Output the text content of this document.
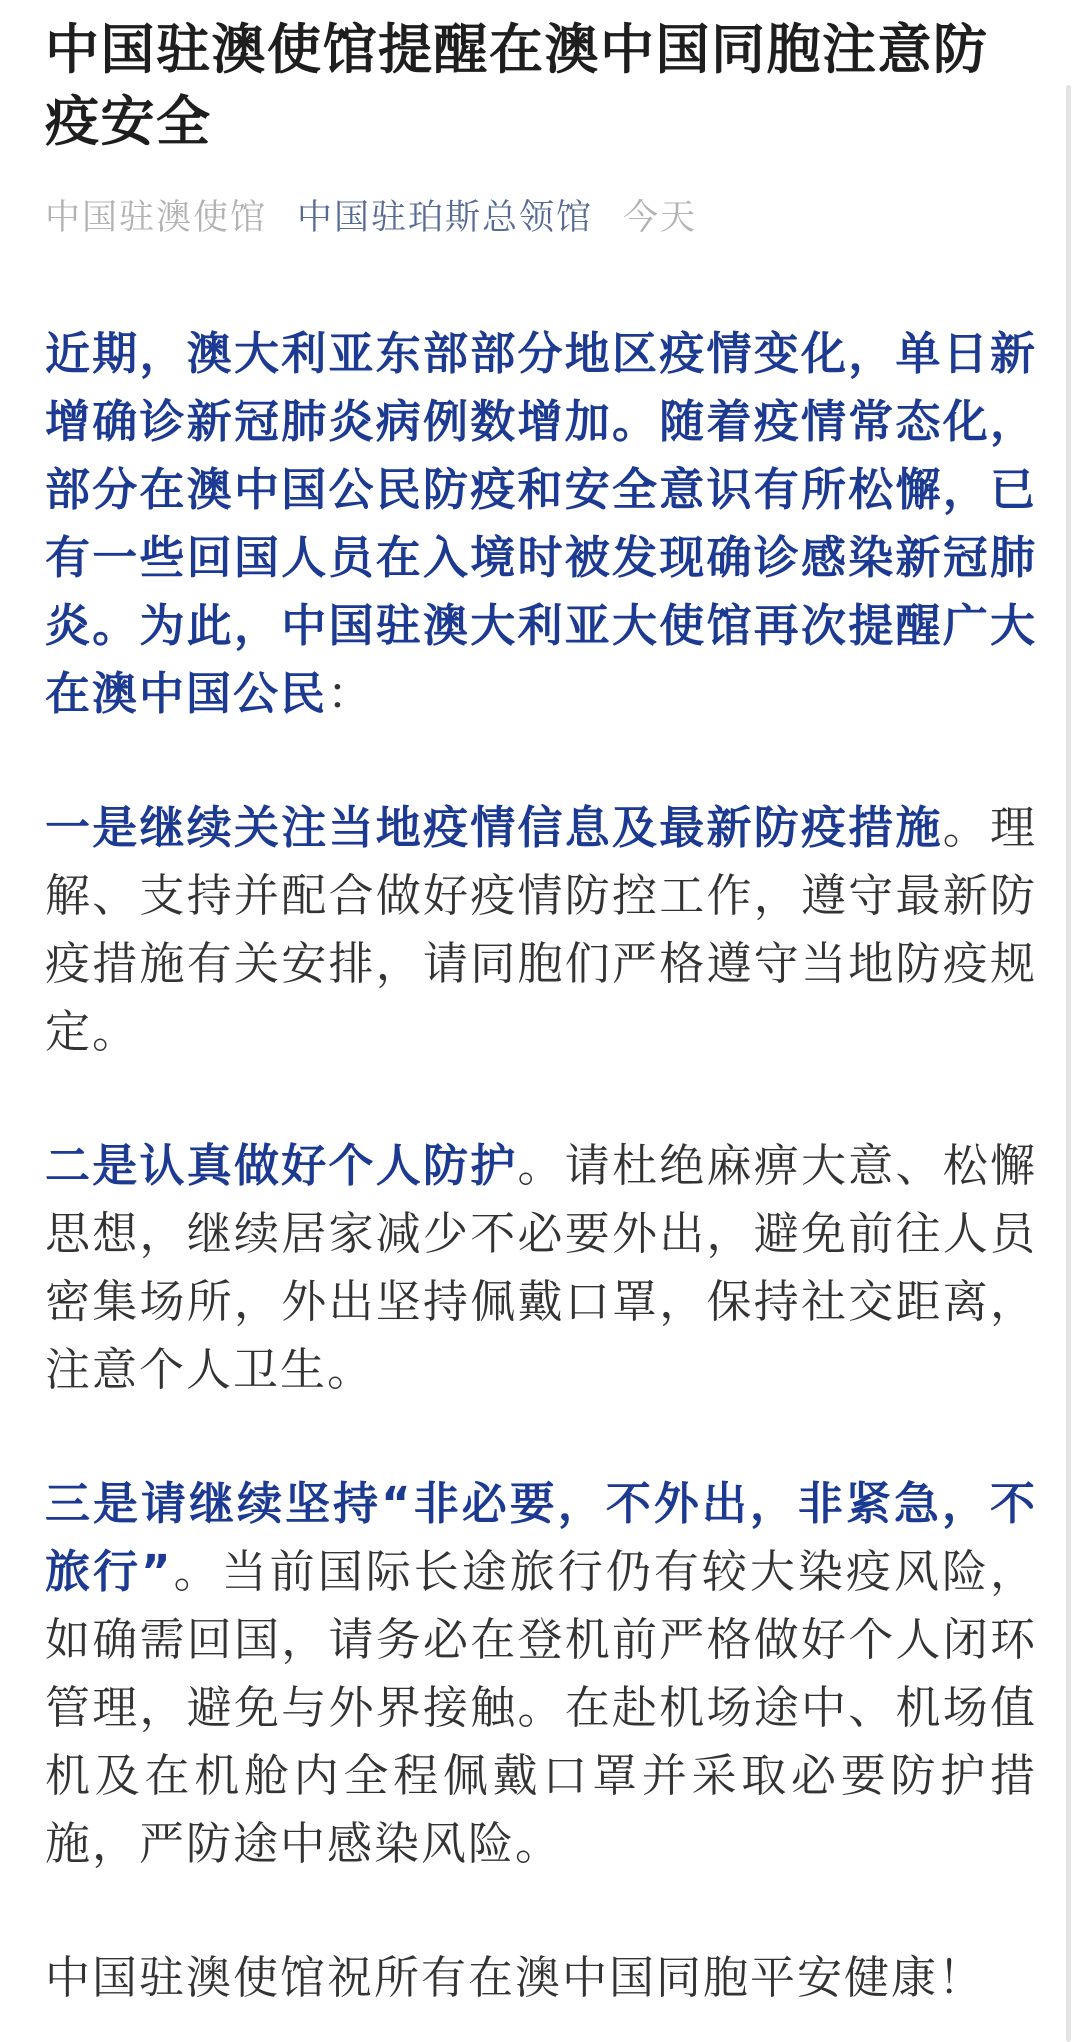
中国驻澳使馆提醒在澳中国同胞注意防疫安全
中国驻澳使馆 中国驻珀斯总领馆 今天

近期，澳大利亚东部部分地区疫情变化，单日新增确诊新冠肺炎病例数增加。随着疫情常态化，部分在澳中国公民防疫和安全意识有所松懈，已有一些回国人员在入境时被发现确诊感染新冠肺炎。为此，中国驻澳大利亚大使馆再次提醒广大在澳中国公民：

一是继续关注当地疫情信息及最新防疫措施。理解、支持并配合做好疫情防控工作，遵守最新防疫措施有关安排，请同胞们严格遵守当地防疫规定。

二是认真做好个人防护。请杜绝麻痹大意、松懈思想，继续居家减少不必要外出，避免前往人员密集场所，外出坚持佩戴口罩，保持社交距离，注意个人卫生。

三是请继续坚持“非必要，不外出，非紧急，不旅行”。当前国际长途旅行仍有较大染疫风险，如确需回国，请务必在登机前严格做好个人闭环管理，避免与外界接触。在赴机场途中、机场值机及在机舱内全程佩戴口罩并采取必要防护措施，严防途中感染风险。

中国驻澳使馆祝所有在澳中国同胞平安健康！
